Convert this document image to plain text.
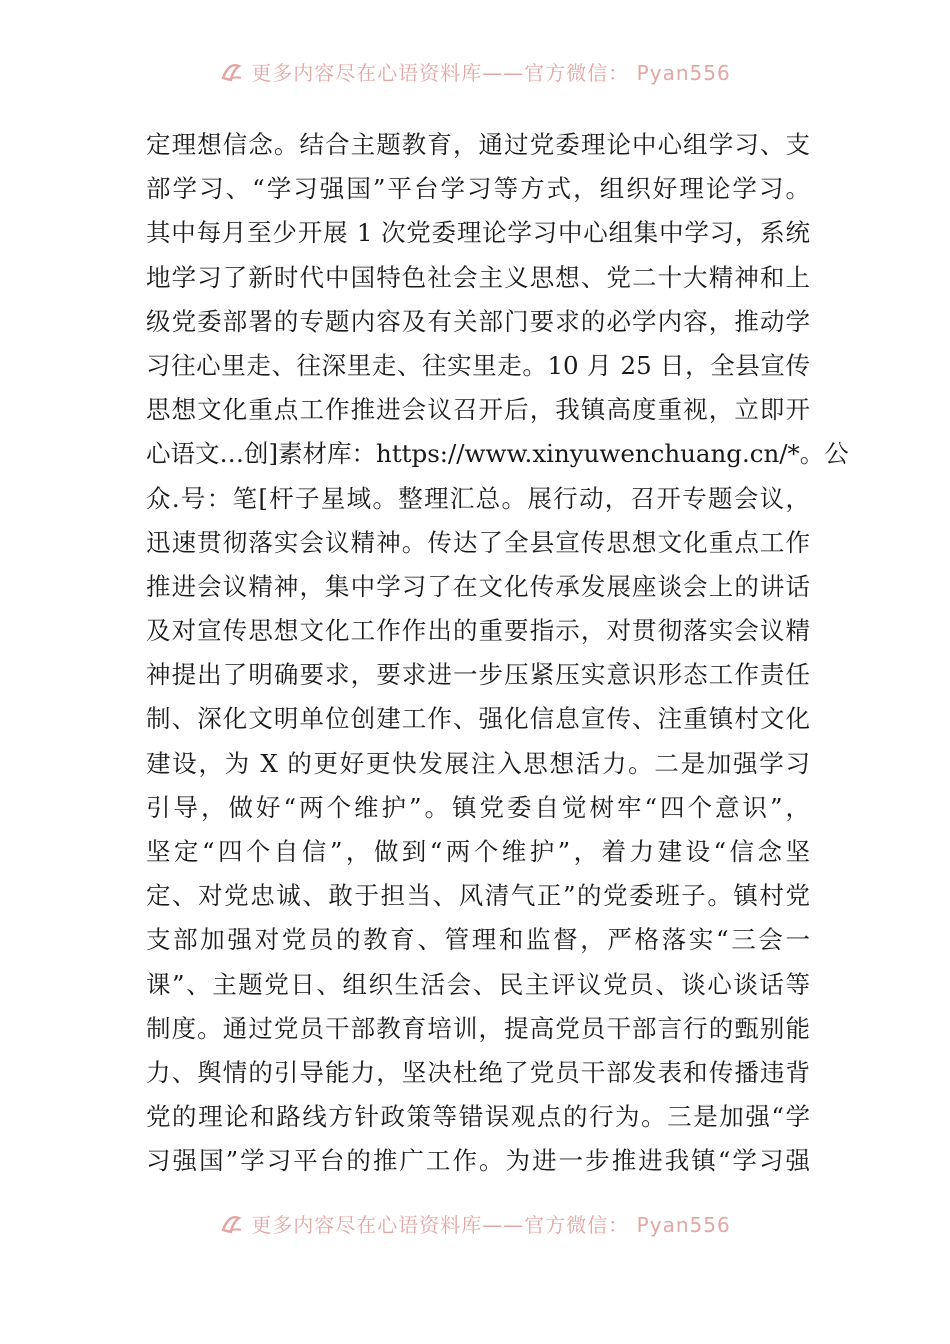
更多内容尽在心语资料库——官方微信： Pyan556
定理想信念。结合主题教育，通过党委理论中心组学习、支
部学习、“学习强国”平台学习等方式，组织好理论学习。
其中每月至少开展 1 次党委理论学习中心组集中学习，系统
地学习了新时代中国特色社会主义思想、党二十大精神和上
级党委部署的专题内容及有关部门要求的必学内容，推动学
习往心里走、往深里走、往实里走。10 月 25 日，全县宣传
思想文化重点工作推进会议召开后，我镇高度重视，立即开
心语文…创]素材库：https://www.xinyuwenchuang.cn/*。公
众.号：笔[杆子星域。整理汇总。展行动，召开专题会议，
迅速贯彻落实会议精神。传达了全县宣传思想文化重点工作
推进会议精神，集中学习了在文化传承发展座谈会上的讲话
及对宣传思想文化工作作出的重要指示，对贯彻落实会议精
神提出了明确要求，要求进一步压紧压实意识形态工作责任
制、深化文明单位创建工作、强化信息宣传、注重镇村文化
建设，为 X 的更好更快发展注入思想活力。二是加强学习
引导，做好“两个维护”。镇党委自觉树牢“四个意识”，
坚定“四个自信”，做到“两个维护”，着力建设“信念坚
定、对党忠诚、敢于担当、风清气正”的党委班子。镇村党
支部加强对党员的教育、管理和监督，严格落实“三会一
课”、主题党日、组织生活会、民主评议党员、谈心谈话等
制度。通过党员干部教育培训，提高党员干部言行的甄别能
力、舆情的引导能力，坚决杜绝了党员干部发表和传播违背
党的理论和路线方针政策等错误观点的行为。三是加强“学
习强国”学习平台的推广工作。为进一步推进我镇“学习强
更多内容尽在心语资料库——官方微信： Pyan556
